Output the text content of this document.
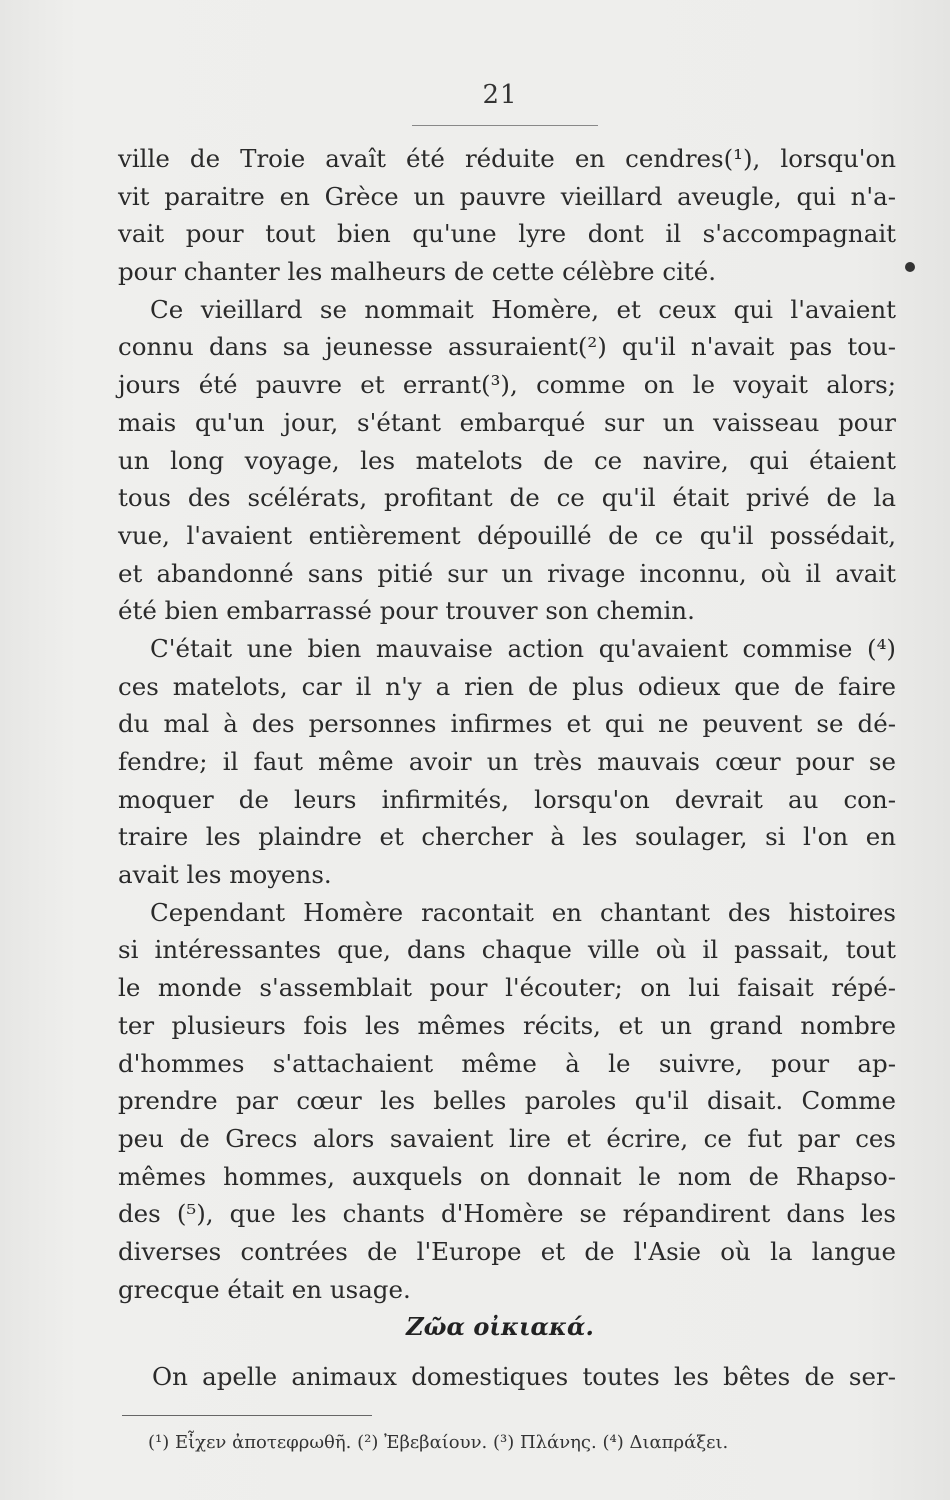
21
ville de Troie avaît été réduite en cendres(¹), lorsqu'on
vit paraitre en Grèce un pauvre vieillard aveugle, qui n'a-
vait pour tout bien qu'une lyre dont il s'accompagnait
pour chanter les malheurs de cette célèbre cité.
Ce vieillard se nommait Homère, et ceux qui l'avaient
connu dans sa jeunesse assuraient(²) qu'il n'avait pas tou-
jours été pauvre et errant(³), comme on le voyait alors;
mais qu'un jour, s'étant embarqué sur un vaisseau pour
un long voyage, les matelots de ce navire, qui étaient
tous des scélérats, profitant de ce qu'il était privé de la
vue, l'avaient entièrement dépouillé de ce qu'il possédait,
et abandonné sans pitié sur un rivage inconnu, où il avait
été bien embarrassé pour trouver son chemin.
C'était une bien mauvaise action qu'avaient commise (⁴)
ces matelots, car il n'y a rien de plus odieux que de faire
du mal à des personnes infirmes et qui ne peuvent se dé-
fendre; il faut même avoir un très mauvais cœur pour se
moquer de leurs infirmités, lorsqu'on devrait au con-
traire les plaindre et chercher à les soulager, si l'on en
avait les moyens.
Cependant Homère racontait en chantant des histoires
si intéressantes que, dans chaque ville où il passait, tout
le monde s'assemblait pour l'écouter; on lui faisait répé-
ter plusieurs fois les mêmes récits, et un grand nombre
d'hommes s'attachaient même à le suivre, pour ap-
prendre par cœur les belles paroles qu'il disait. Comme
peu de Grecs alors savaient lire et écrire, ce fut par ces
mêmes hommes, auxquels on donnait le nom de Rhapso-
des (⁵), que les chants d'Homère se répandirent dans les
diverses contrées de l'Europe et de l'Asie où la langue
grecque était en usage.
Ζῶα οἰκιακά.
On apelle animaux domestiques toutes les bêtes de ser-
(¹) Εἶχεν ἀποτεφρωθῆ. (²) Ἐβεβαίουν. (³) Πλάνης. (⁴) Διαπράξει.
